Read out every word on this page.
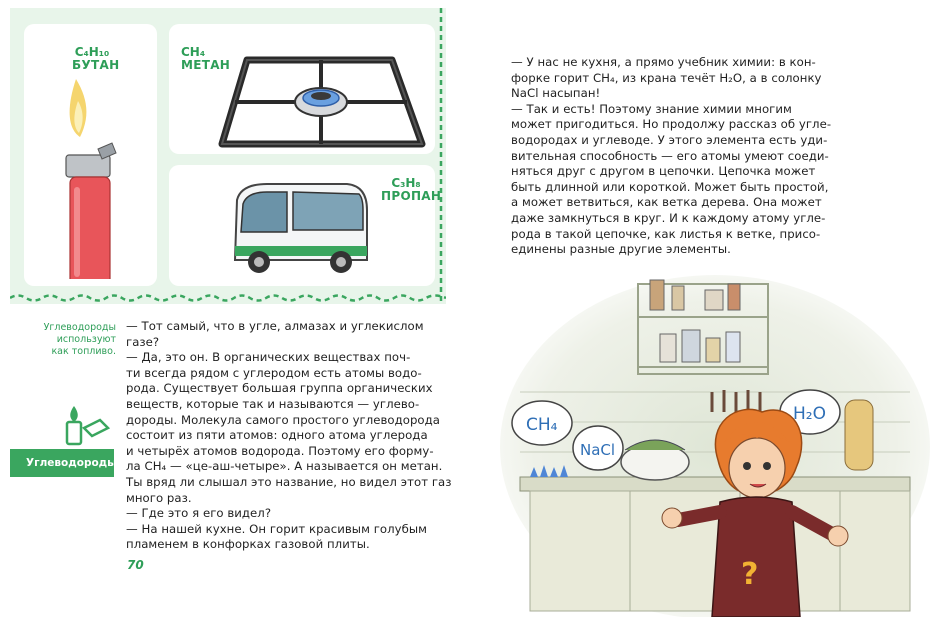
C₄H₁₀
БУТАН
CH₄
МЕТАН
C₃H₈
ПРОПАН
Углеводороды
используют
как топливо.
Углеводороды

— Тот самый, что в угле, алмазах и углекислом

газе?

— Да, это он. В органических веществах поч-

ти всегда рядом с углеродом есть атомы водо-

рода. Существует большая группа органических

веществ, которые так и называются — углево-

дороды. Молекула самого простого углеводорода

состоит из пяти атомов: одного атома углерода

и четырёх атомов водорода. Поэтому его форму-

ла CH₄ — «це-аш-четыре». А называется он метан.

Ты вряд ли слышал это название, но видел этот газ

много раз.

— Где это я его видел?

— На нашей кухне. Он горит красивым голубым

пламенем в конфорках газовой плиты.

70

— У нас не кухня, а прямо учебник химии: в кон-

форке горит CH₄, из крана течёт H₂O, а в солонку

NaCl насыпан!

— Так и есть! Поэтому знание химии многим

может пригодиться. Но продолжу рассказ об угле-

водородах и углеводе. У этого элемента есть уди-

вительная способность — его атомы умеют соеди-

няться друг с другом в цепочки. Цепочка может

быть длинной или короткой. Может быть простой,

а может ветвиться, как ветка дерева. Она может

даже замкнуться в круг. И к каждому атому угле-

рода в такой цепочке, как листья к ветке, присо-

единены разные другие элементы.

CH₄
NaCl
H₂O
?
